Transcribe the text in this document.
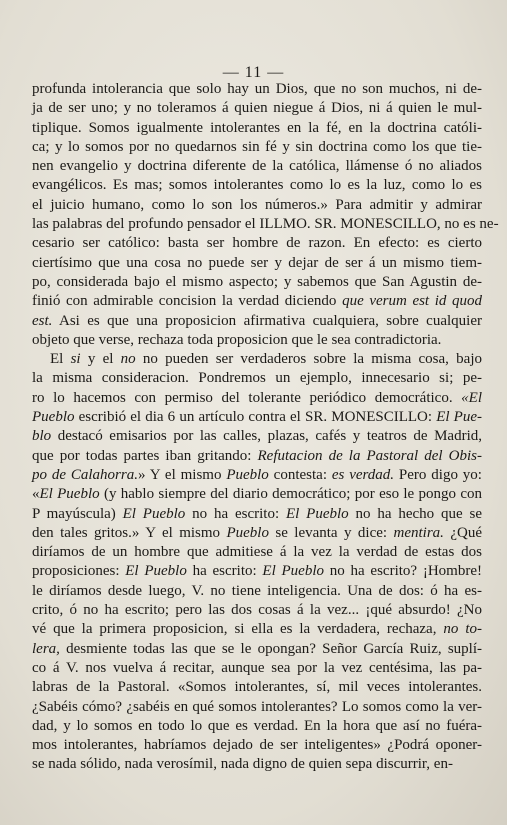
— 11 —
profunda intolerancia que solo hay un Dios, que no son muchos, ni de-
ja de ser uno; y no toleramos á quien niegue á Dios, ni á quien le mul-
tiplique. Somos igualmente intolerantes en la fé, en la doctrina católi-
ca; y lo somos por no quedarnos sin fé y sin doctrina como los que tie-
nen evangelio y doctrina diferente de la católica, llámense ó no aliados
evangélicos. Es mas; somos intolerantes como lo es la luz, como lo es
el juicio humano, como lo son los números.» Para admitir y admirar
las palabras del profundo pensador el ILLMO. SR. MONESCILLO, no es ne-
cesario ser católico: basta ser hombre de razon. En efecto: es cierto
ciertísimo que una cosa no puede ser y dejar de ser á un mismo tiem-
po, considerada bajo el mismo aspecto; y sabemos que San Agustin de-
finió con admirable concision la verdad diciendo que verum est id quod
est. Asi es que una proposicion afirmativa cualquiera, sobre cualquier
objeto que verse, rechaza toda proposicion que le sea contradictoria.
El si y el no no pueden ser verdaderos sobre la misma cosa, bajo
la misma consideracion. Pondremos un ejemplo, innecesario si; pe-
ro lo hacemos con permiso del tolerante periódico democrático. «El
Pueblo escribió el dia 6 un artículo contra el SR. MONESCILLO: El Pue-
blo destacó emisarios por las calles, plazas, cafés y teatros de Madrid,
que por todas partes iban gritando: Refutacion de la Pastoral del Obis-
po de Calahorra.» Y el mismo Pueblo contesta: es verdad. Pero digo yo:
«El Pueblo (y hablo siempre del diario democrático; por eso le pongo con
P mayúscula) El Pueblo no ha escrito: El Pueblo no ha hecho que se
den tales gritos.» Y el mismo Pueblo se levanta y dice: mentira. ¿Qué
diríamos de un hombre que admitiese á la vez la verdad de estas dos
proposiciones: El Pueblo ha escrito: El Pueblo no ha escrito? ¡Hombre!
le diríamos desde luego, V. no tiene inteligencia. Una de dos: ó ha es-
crito, ó no ha escrito; pero las dos cosas á la vez... ¡qué absurdo! ¿No
vé que la primera proposicion, si ella es la verdadera, rechaza, no to-
lera, desmiente todas las que se le opongan? Señor García Ruiz, suplí-
co á V. nos vuelva á recitar, aunque sea por la vez centésima, las pa-
labras de la Pastoral. «Somos intolerantes, sí, mil veces intolerantes.
¿Sabéis cómo? ¿sabéis en qué somos intolerantes? Lo somos como la ver-
dad, y lo somos en todo lo que es verdad. En la hora que así no fuéra-
mos intolerantes, habríamos dejado de ser inteligentes» ¿Podrá oponer-
se nada sólido, nada verosímil, nada digno de quien sepa discurrir, en-
